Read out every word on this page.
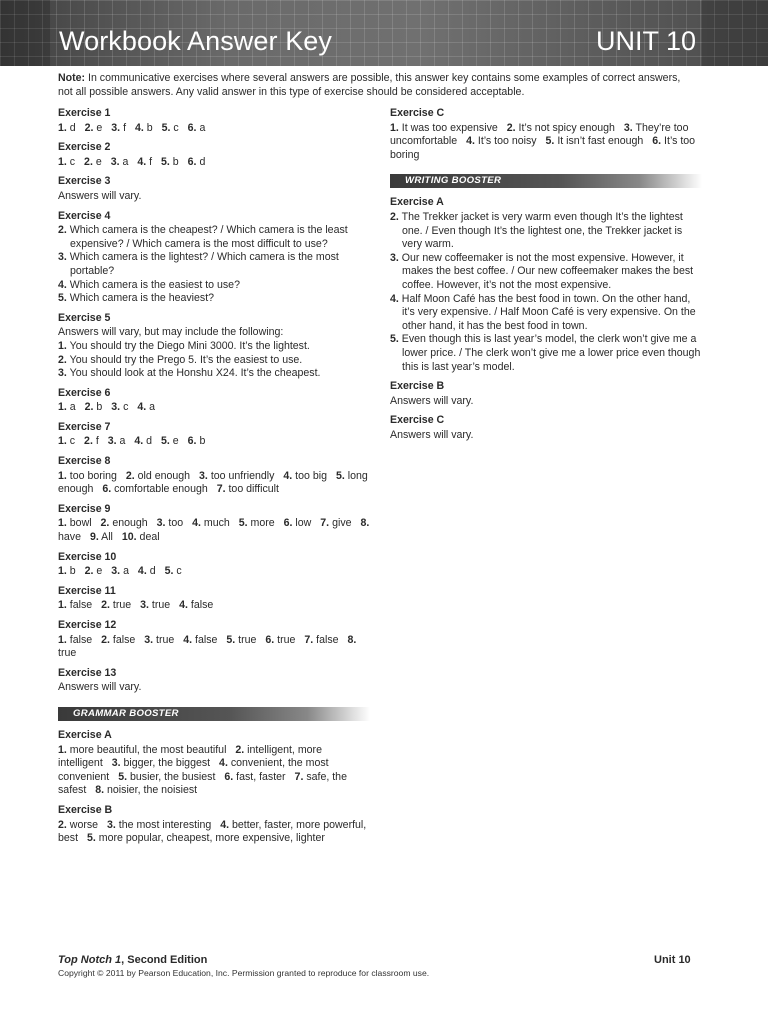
Workbook Answer Key	UNIT 10
Note: In communicative exercises where several answers are possible, this answer key contains some examples of correct answers, not all possible answers. Any valid answer in this type of exercise should be considered acceptable.
Exercise 1
1. d 2. e 3. f 4. b 5. c 6. a
Exercise 2
1. c 2. e 3. a 4. f 5. b 6. d
Exercise 3
Answers will vary.
Exercise 4
2. Which camera is the cheapest? / Which camera is the least expensive? / Which camera is the most difficult to use?
3. Which camera is the lightest? / Which camera is the most portable?
4. Which camera is the easiest to use?
5. Which camera is the heaviest?
Exercise 5
Answers will vary, but may include the following:
1. You should try the Diego Mini 3000. It’s the lightest.
2. You should try the Prego 5. It’s the easiest to use.
3. You should look at the Honshu X24. It’s the cheapest.
Exercise 6
1. a 2. b 3. c 4. a
Exercise 7
1. c 2. f 3. a 4. d 5. e 6. b
Exercise 8
1. too boring 2. old enough 3. too unfriendly 4. too big 5. long enough 6. comfortable enough 7. too difficult
Exercise 9
1. bowl 2. enough 3. too 4. much 5. more 6. low 7. give 8. have 9. All 10. deal
Exercise 10
1. b 2. e 3. a 4. d 5. c
Exercise 11
1. false 2. true 3. true 4. false
Exercise 12
1. false 2. false 3. true 4. false 5. true 6. true 7. false 8. true
Exercise 13
Answers will vary.
GRAMMAR BOOSTER
Exercise A
1. more beautiful, the most beautiful 2. intelligent, more intelligent 3. bigger, the biggest 4. convenient, the most convenient 5. busier, the busiest 6. fast, faster 7. safe, the safest 8. noisier, the noisiest
Exercise B
2. worse 3. the most interesting 4. better, faster, more powerful, best 5. more popular, cheapest, more expensive, lighter
Exercise C
1. It was too expensive 2. It’s not spicy enough 3. They’re too uncomfortable 4. It’s too noisy 5. It isn’t fast enough 6. It’s too boring
WRITING BOOSTER
Exercise A
2. The Trekker jacket is very warm even though It’s the lightest one. / Even though It’s the lightest one, the Trekker jacket is very warm.
3. Our new coffeemaker is not the most expensive. However, it makes the best coffee. / Our new coffeemaker makes the best coffee. However, it’s not the most expensive.
4. Half Moon Café has the best food in town. On the other hand, it’s very expensive. / Half Moon Café is very expensive. On the other hand, it has the best food in town.
5. Even though this is last year’s model, the clerk won’t give me a lower price. / The clerk won’t give me a lower price even though this is last year’s model.
Exercise B
Answers will vary.
Exercise C
Answers will vary.
Top Notch 1, Second Edition
Copyright © 2011 by Pearson Education, Inc. Permission granted to reproduce for classroom use.
Unit 10
